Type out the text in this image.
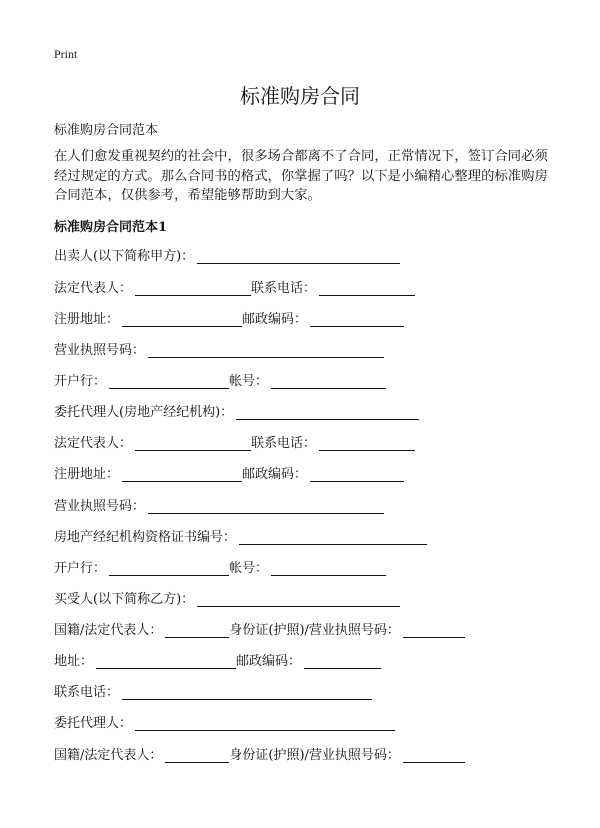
Print
标准购房合同
标准购房合同范本
在人们愈发重视契约的社会中，很多场合都离不了合同，正常情况下，签订合同必须经过规定的方式。那么合同书的格式，你掌握了吗？以下是小编精心整理的标准购房合同范本，仅供参考，希望能够帮助到大家。
标准购房合同范本1
出卖人(以下简称甲方)：
法定代表人：	联系电话：
注册地址：	邮政编码：
营业执照号码：
开户行：	帐号：
委托代理人(房地产经纪机构)：
法定代表人：	联系电话：
注册地址：	邮政编码：
营业执照号码：
房地产经纪机构资格证书编号：
开户行：	帐号：
买受人(以下简称乙方)：
国籍/法定代表人：	身份证(护照)/营业执照号码：
地址：	邮政编码：
联系电话：
委托代理人：
国籍/法定代表人：	身份证(护照)/营业执照号码：
